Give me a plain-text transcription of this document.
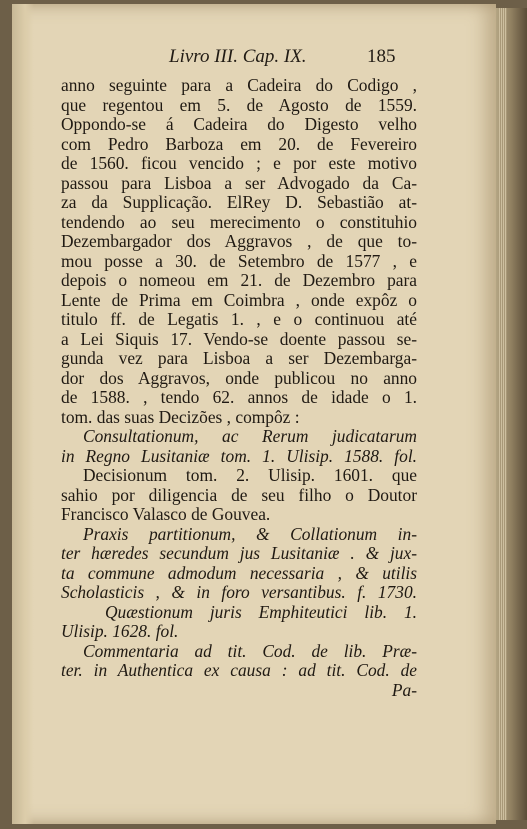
Livro III. Cap. IX.	185
anno seguinte para a Cadeira do Codigo ,
que regentou em 5. de Agosto de 1559.
Oppondo-se á Cadeira do Digesto velho
com Pedro Barboza em 20. de Fevereiro
de 1560. ficou vencido ; e por este motivo
passou para Lisboa a ser Advogado da Ca-
za da Supplicação. ElRey D. Sebastião at-
tendendo ao seu merecimento o constituhio
Dezembargador dos Aggravos , de que to-
mou posse a 30. de Setembro de 1577 , e
depois o nomeou em 21. de Dezembro para
Lente de Prima em Coimbra , onde expôz o
titulo ff. de Legatis 1. , e o continuou até
a Lei Siquis 17. Vendo-se doente passou se-
gunda vez para Lisboa a ser Dezembarga-
dor dos Aggravos, onde publicou no anno
de 1588. , tendo 62. annos de idade o 1.
tom. das suas Decizões , compôz :
Consultationum, ac Rerum judicatarum
in Regno Lusitaniæ tom. 1. Ulisip. 1588. fol.
Decisionum tom. 2. Ulisip. 1601. que
sahio por diligencia de seu filho o Doutor
Francisco Valasco de Gouvea.
Praxis partitionum, & Collationum in-
ter hæredes secundum jus Lusitaniæ . & jux-
ta commune admodum necessaria , & utilis
Scholasticis , & in foro versantibus. f. 1730.
Quæstionum juris Emphiteutici lib. 1.
Ulisip. 1628. fol.
Commentaria ad tit. Cod. de lib. Præ-
ter. in Authentica ex causa : ad tit. Cod. de
Pa-
